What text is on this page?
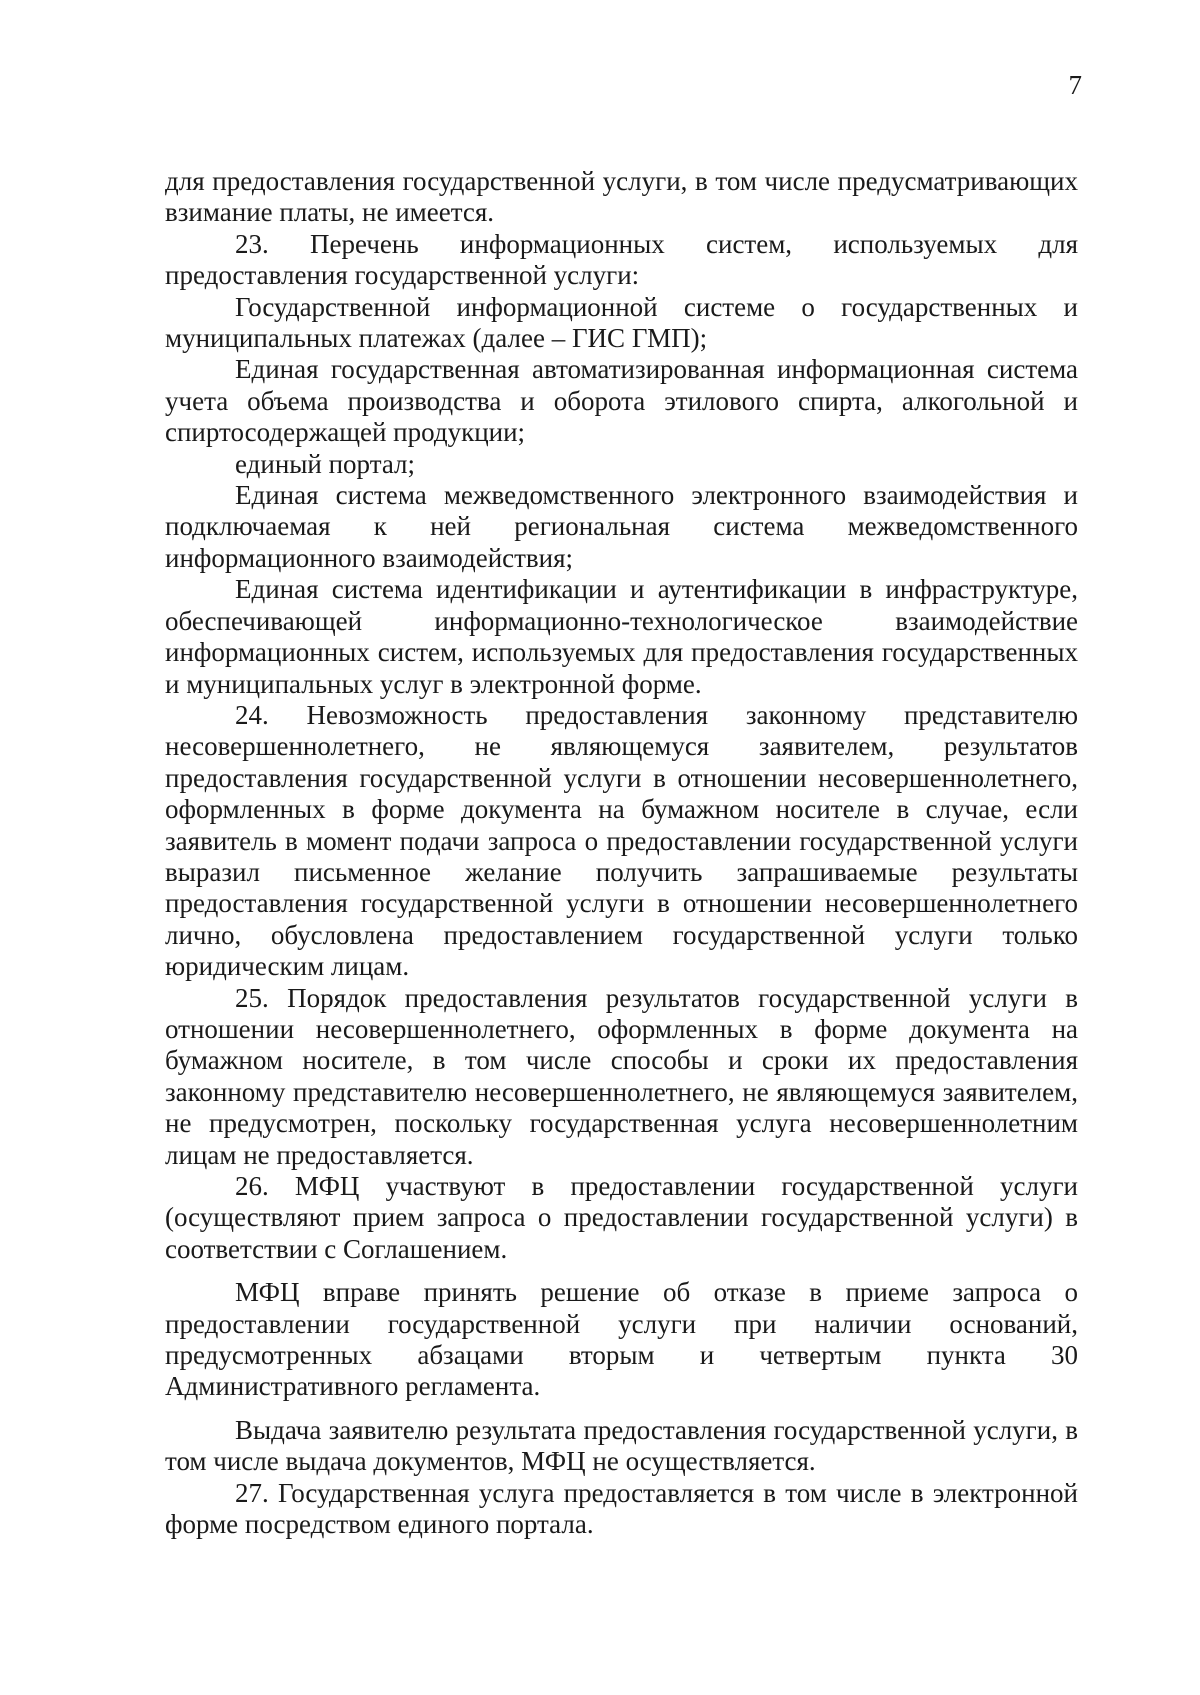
7

для предоставления государственной услуги, в том числе предусматривающих взимание платы, не имеется.

23. Перечень информационных систем, используемых для предоставления государственной услуги:

Государственной информационной системе о государственных и муниципальных платежах (далее – ГИС ГМП);

Единая государственная автоматизированная информационная система учета объема производства и оборота этилового спирта, алкогольной и спиртосодержащей продукции;

единый портал;

Единая система межведомственного электронного взаимодействия и подключаемая к ней региональная система межведомственного информационного взаимодействия;

Единая система идентификации и аутентификации в инфраструктуре, обеспечивающей информационно-технологическое взаимодействие информационных систем, используемых для предоставления государственных и муниципальных услуг в электронной форме.

24. Невозможность предоставления законному представителю несовершеннолетнего, не являющемуся заявителем, результатов предоставления государственной услуги в отношении несовершеннолетнего, оформленных в форме документа на бумажном носителе в случае, если заявитель в момент подачи запроса о предоставлении государственной услуги выразил письменное желание получить запрашиваемые результаты предоставления государственной услуги в отношении несовершеннолетнего лично, обусловлена предоставлением государственной услуги только юридическим лицам.

25. Порядок предоставления результатов государственной услуги в отношении несовершеннолетнего, оформленных в форме документа на бумажном носителе, в том числе способы и сроки их предоставления законному представителю несовершеннолетнего, не являющемуся заявителем, не предусмотрен, поскольку государственная услуга несовершеннолетним лицам не предоставляется.

26. МФЦ участвуют в предоставлении государственной услуги (осуществляют прием запроса о предоставлении государственной услуги) в соответствии с Соглашением.

МФЦ вправе принять решение об отказе в приеме запроса о предоставлении государственной услуги при наличии оснований, предусмотренных абзацами вторым и четвертым пункта 30 Административного регламента.

Выдача заявителю результата предоставления государственной услуги, в том числе выдача документов, МФЦ не осуществляется.

27. Государственная услуга предоставляется в том числе в электронной форме посредством единого портала.
